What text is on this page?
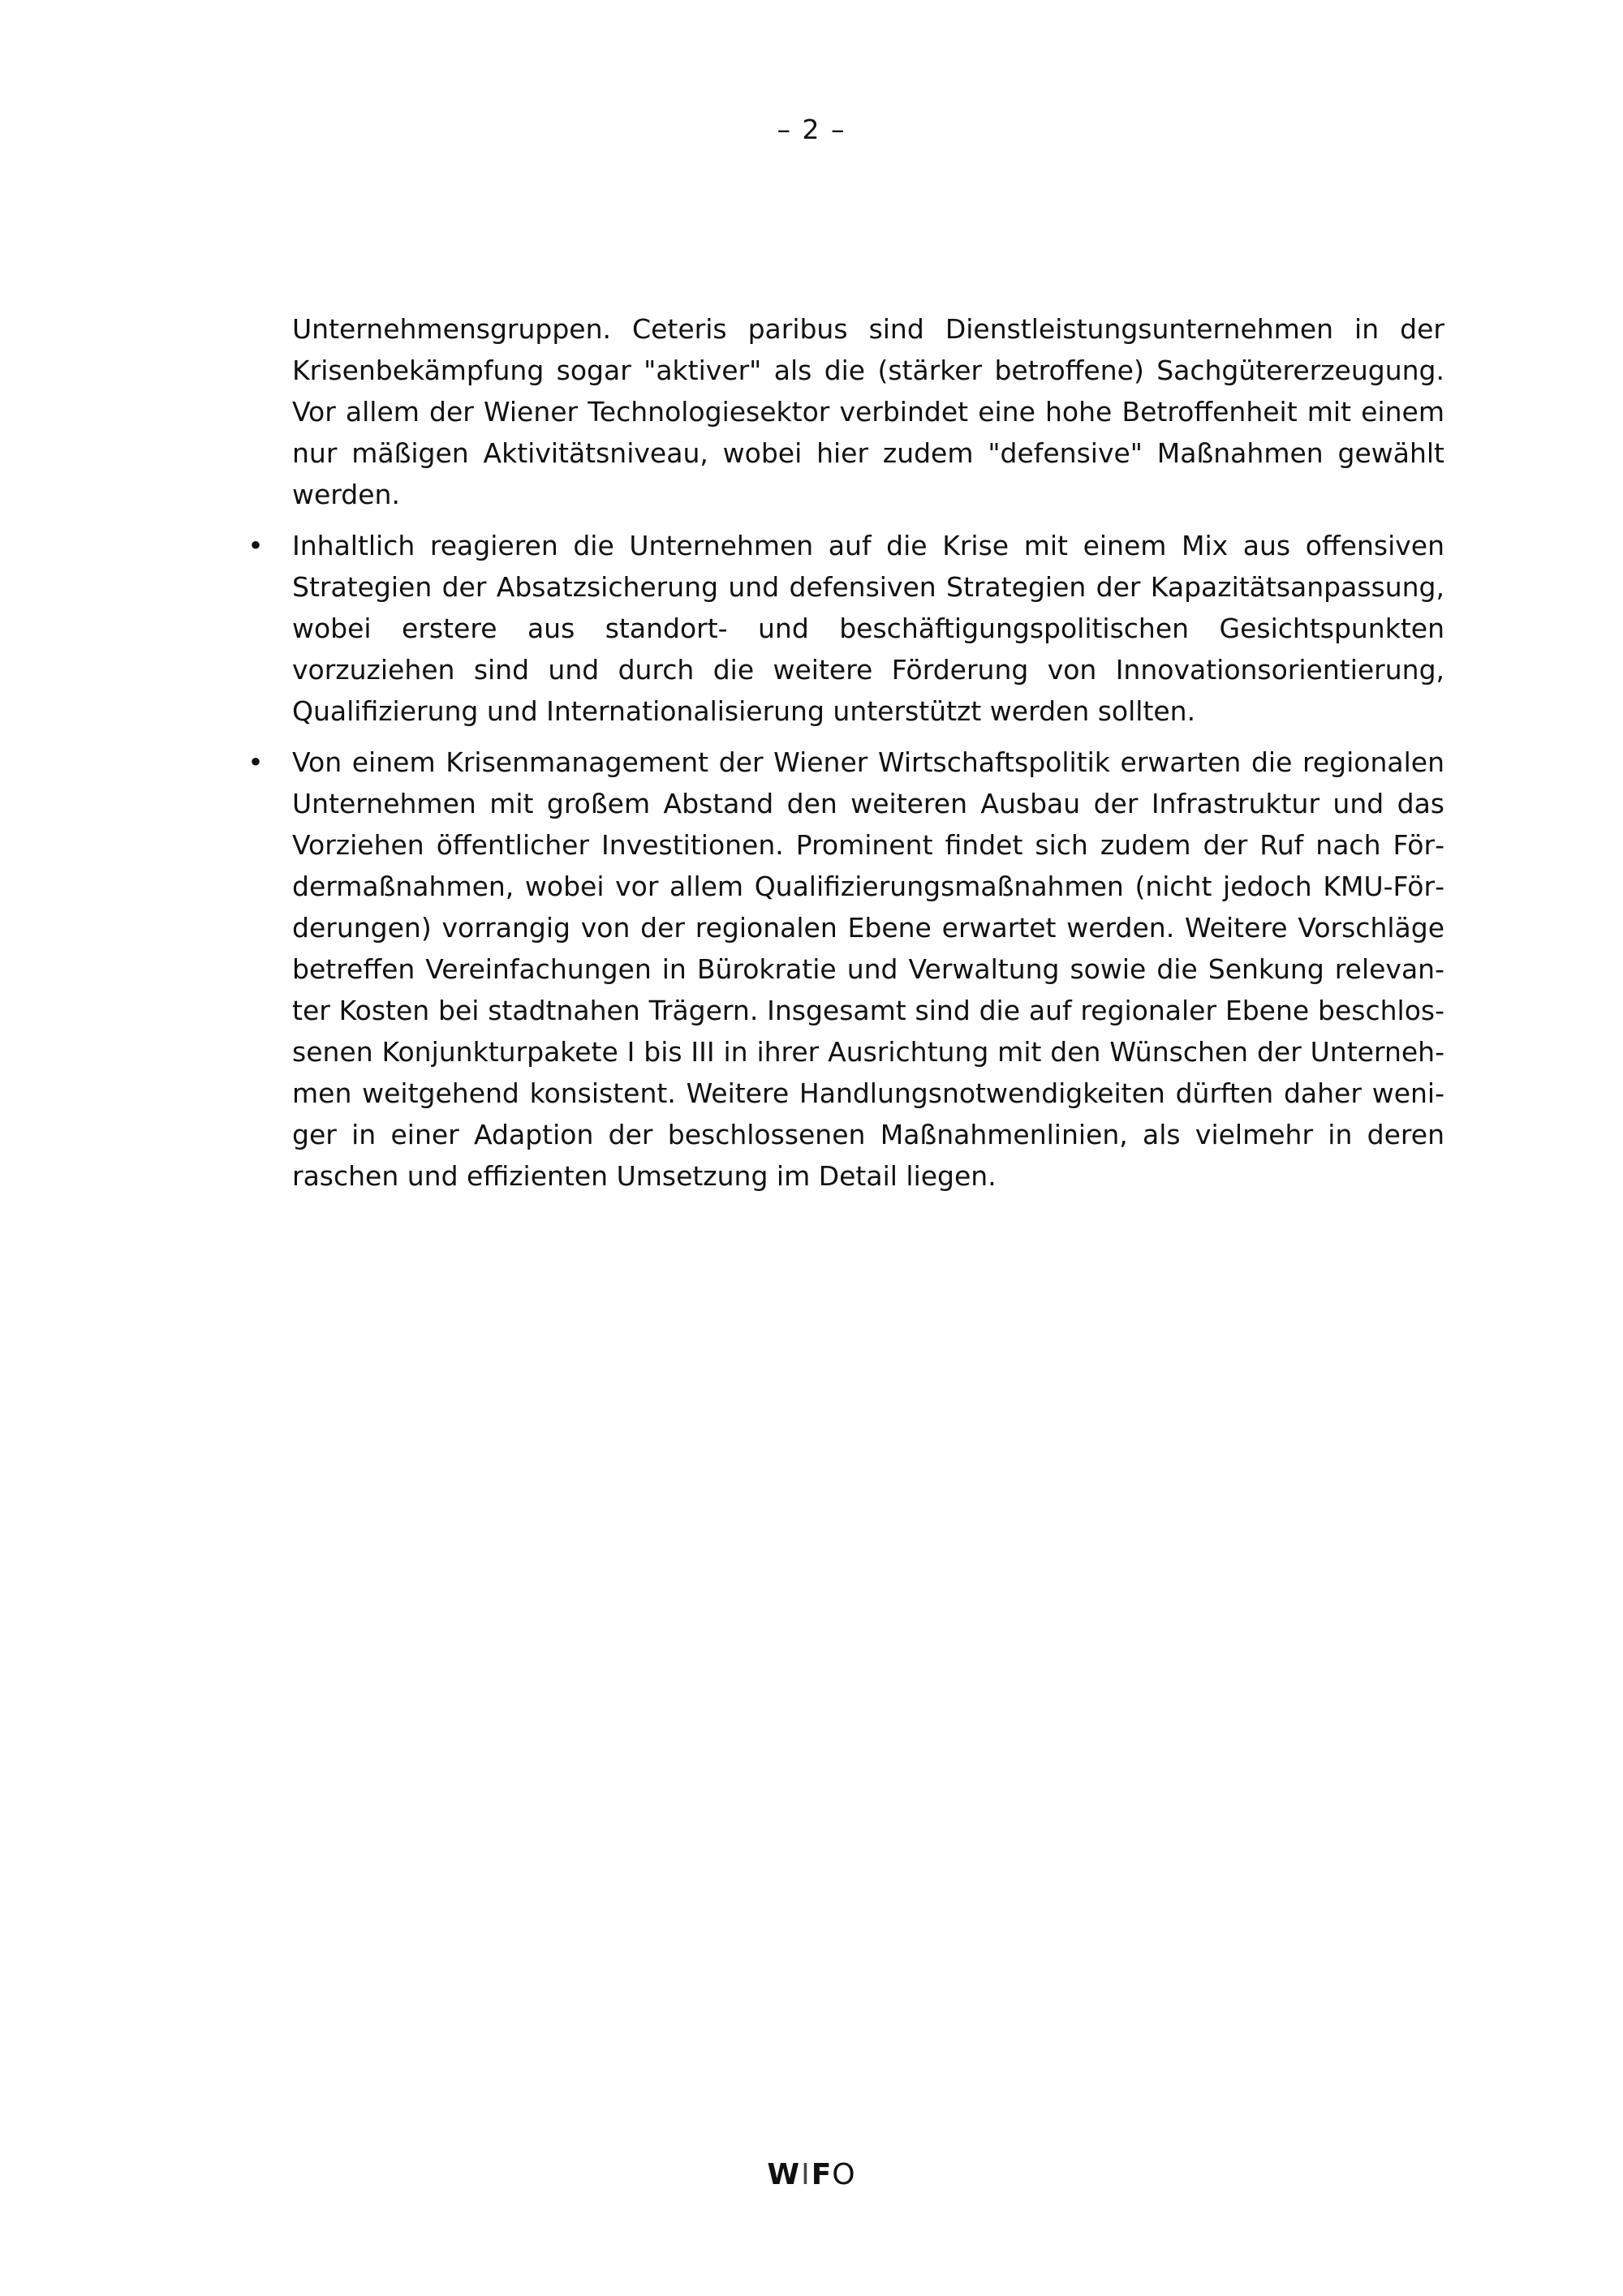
– 2 –

Unternehmensgruppen. Ceteris paribus sind Dienstleistungsunternehmen in der Krisenbekämpfung sogar "aktiver" als die (stärker betroffene) Sachgütererzeugung. Vor allem der Wiener Technologiesektor verbindet eine hohe Betroffenheit mit einem nur mäßigen Aktivitätsniveau, wobei hier zudem "defensive" Maßnahmen gewählt werden.

• Inhaltlich reagieren die Unternehmen auf die Krise mit einem Mix aus offensiven Strategien der Absatzsicherung und defensiven Strategien der Kapazitätsanpassung, wobei erstere aus standort- und beschäftigungspolitischen Gesichtspunkten vorzuziehen sind und durch die weitere Förderung von Innovationsorientierung, Qualifizierung und Internationalisierung unterstützt werden sollten.
• Von einem Krisenmanagement der Wiener Wirtschaftspolitik erwarten die regionalen Unternehmen mit großem Abstand den weiteren Ausbau der Infrastruktur und das Vorziehen öffentlicher Investitionen. Prominent findet sich zudem der Ruf nach Fördermaßnahmen, wobei vor allem Qualifizierungsmaßnahmen (nicht jedoch KMU-Förderungen) vorrangig von der regionalen Ebene erwartet werden. Weitere Vorschläge betreffen Vereinfachungen in Bürokratie und Verwaltung sowie die Senkung relevanter Kosten bei stadtnahen Trägern. Insgesamt sind die auf regionaler Ebene beschlossenen Konjunkturpakete I bis III in ihrer Ausrichtung mit den Wünschen der Unternehmen weitgehend konsistent. Weitere Handlungsnotwendigkeiten dürften daher weniger in einer Adaption der beschlossenen Maßnahmenlinien, als vielmehr in deren raschen und effizienten Umsetzung im Detail liegen.
WIFO
